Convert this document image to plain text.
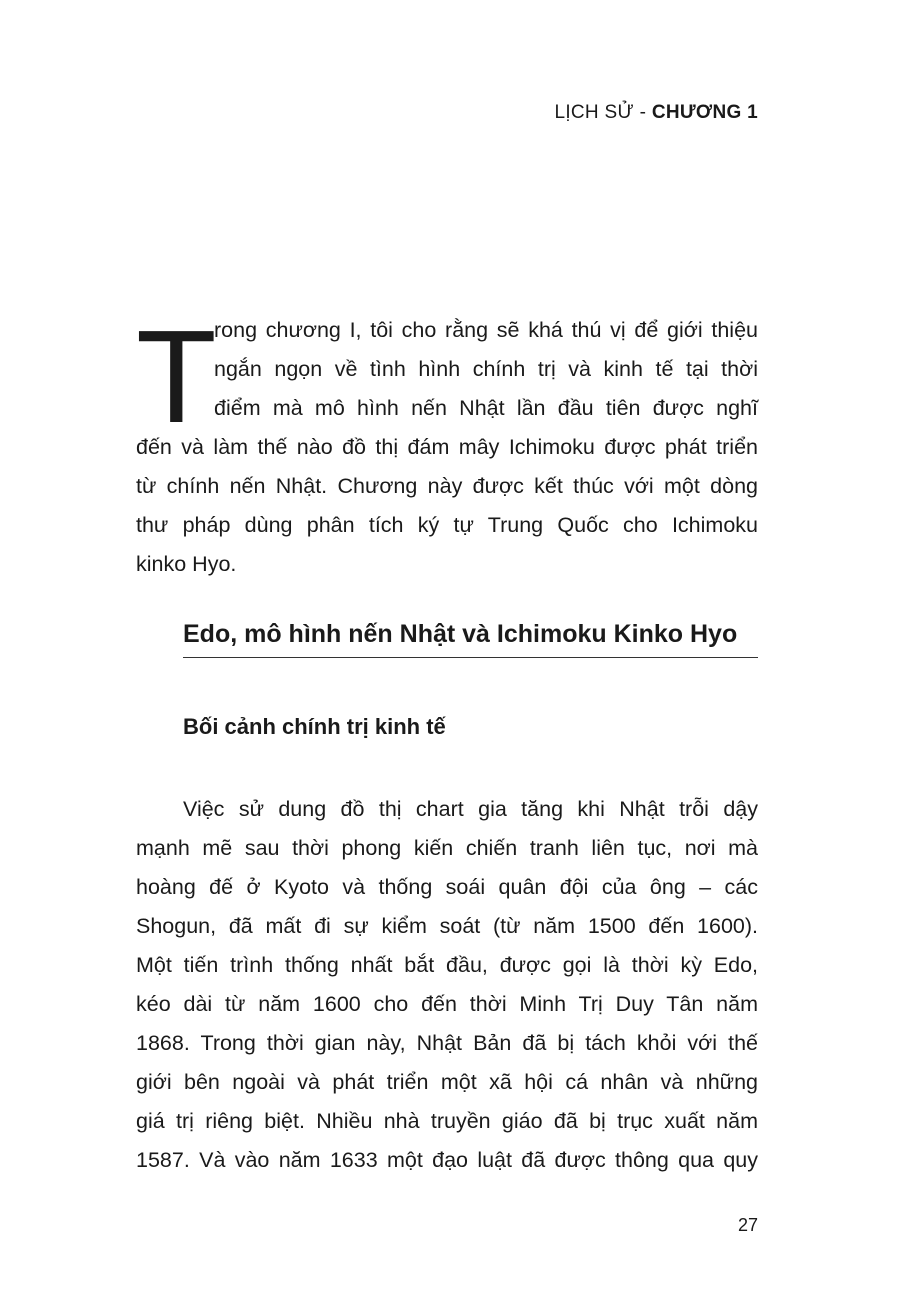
LỊCH SỬ - CHƯƠNG 1
T
rong chương I, tôi cho rằng sẽ khá thú vị để giới thiệu
ngắn ngọn về tình hình chính trị và kinh tế tại thời
điểm mà mô hình nến Nhật lần đầu tiên được nghĩ
đến và làm thế nào đồ thị đám mây Ichimoku được phát triển
từ chính nến Nhật. Chương này được kết thúc với một dòng
thư pháp dùng phân tích ký tự Trung Quốc cho Ichimoku
kinko Hyo.
Edo, mô hình nến Nhật và Ichimoku Kinko Hyo
Bối cảnh chính trị kinh tế
Việc sử dung đồ thị chart gia tăng khi Nhật trỗi dậy
mạnh mẽ sau thời phong kiến chiến tranh liên tục, nơi mà
hoàng đế ở Kyoto và thống soái quân đội của ông – các
Shogun, đã mất đi sự kiểm soát (từ năm 1500 đến 1600).
Một tiến trình thống nhất bắt đầu, được gọi là thời kỳ Edo,
kéo dài từ năm 1600 cho đến thời Minh Trị Duy Tân năm
1868. Trong thời gian này, Nhật Bản đã bị tách khỏi với thế
giới bên ngoài và phát triển một xã hội cá nhân và những
giá trị riêng biệt. Nhiều nhà truyền giáo đã bị trục xuất năm
1587. Và vào năm 1633 một đạo luật đã được thông qua quy
27
